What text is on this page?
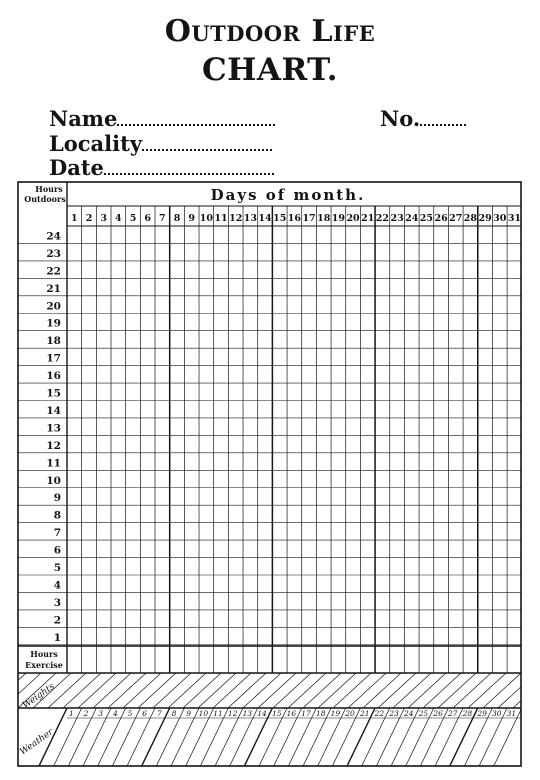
Outdoor Life
CHART.
Name	No.
Locality
Date
Hours
Outdoors	Days of month.
Hours
Exercise
Weights
Weather
1 2 3 4 5 6 7 8 9 10 11 12 13 14 15 16 17 18 19 20 21 22 23 24 25 26 27 28 29 30 31
24
23
22
21
20
19
18
17
16
15
14
13
12
11
10
9
8
7
6
5
4
3
2
1
1 2 3 4 5 6 7 8 9 10 11 12 13 14 15 16 17 18 19 20 21 22 23 24 25 26 27 28 29 30 31
